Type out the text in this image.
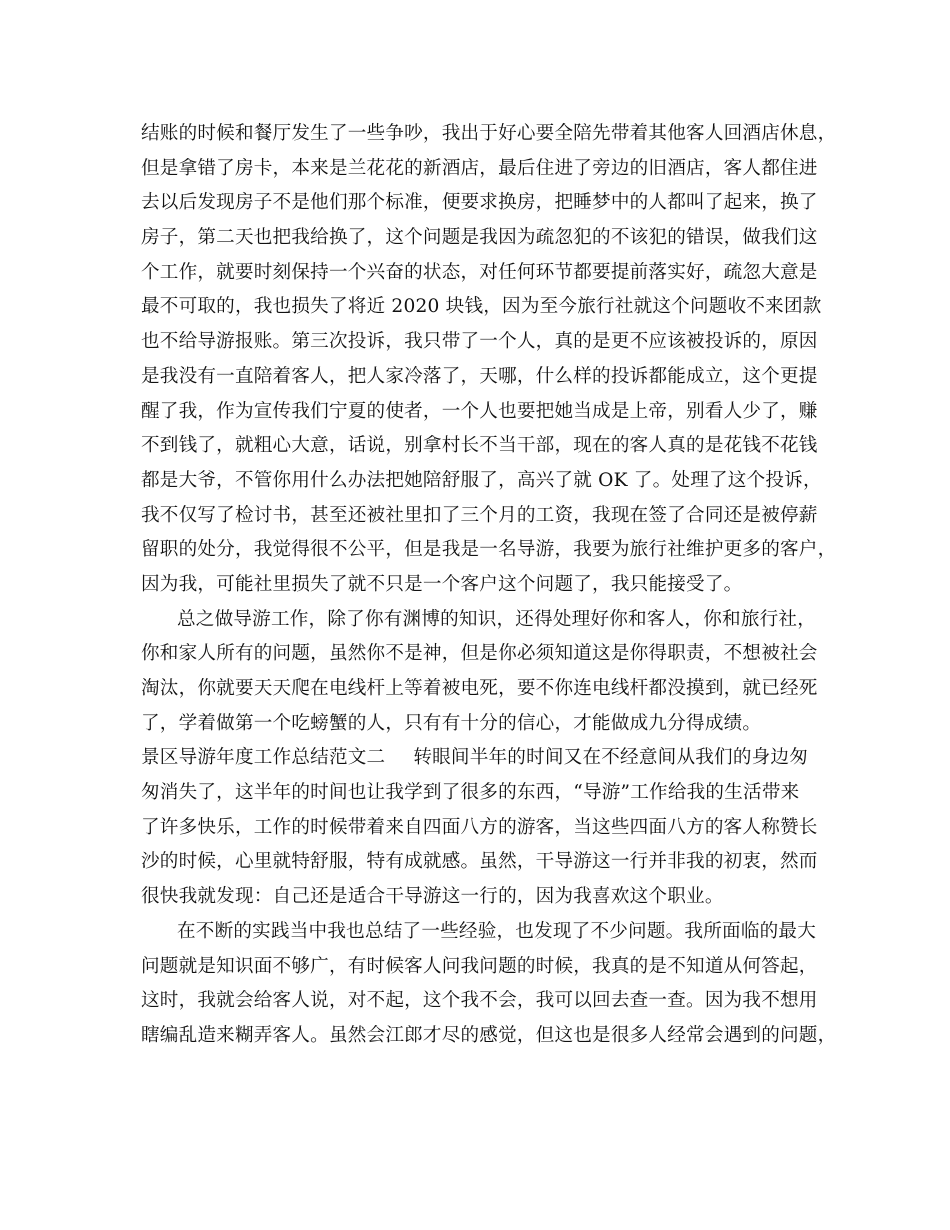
结账的时候和餐厅发生了一些争吵，我出于好心要全陪先带着其他客人回酒店休息，
但是拿错了房卡，本来是兰花花的新酒店，最后住进了旁边的旧酒店，客人都住进
去以后发现房子不是他们那个标准，便要求换房，把睡梦中的人都叫了起来，换了
房子，第二天也把我给换了，这个问题是我因为疏忽犯的不该犯的错误，做我们这
个工作，就要时刻保持一个兴奋的状态，对任何环节都要提前落实好，疏忽大意是
最不可取的，我也损失了将近 2020 块钱，因为至今旅行社就这个问题收不来团款
也不给导游报账。第三次投诉，我只带了一个人，真的是更不应该被投诉的，原因
是我没有一直陪着客人，把人家冷落了，天哪，什么样的投诉都能成立，这个更提
醒了我，作为宣传我们宁夏的使者，一个人也要把她当成是上帝，别看人少了，赚
不到钱了，就粗心大意，话说，别拿村长不当干部，现在的客人真的是花钱不花钱
都是大爷，不管你用什么办法把她陪舒服了，高兴了就 OK 了。处理了这个投诉，
我不仅写了检讨书，甚至还被社里扣了三个月的工资，我现在签了合同还是被停薪
留职的处分，我觉得很不公平，但是我是一名导游，我要为旅行社维护更多的客户，
因为我，可能社里损失了就不只是一个客户这个问题了，我只能接受了。
总之做导游工作，除了你有渊博的知识，还得处理好你和客人，你和旅行社，
你和家人所有的问题，虽然你不是神，但是你必须知道这是你得职责，不想被社会
淘汰，你就要天天爬在电线杆上等着被电死，要不你连电线杆都没摸到，就已经死
了，学着做第一个吃螃蟹的人，只有有十分的信心，才能做成九分得成绩。
景区导游年度工作总结范文二 转眼间半年的时间又在不经意间从我们的身边匆
匆消失了，这半年的时间也让我学到了很多的东西，“导游”工作给我的生活带来
了许多快乐，工作的时候带着来自四面八方的游客，当这些四面八方的客人称赞长
沙的时候，心里就特舒服，特有成就感。虽然，干导游这一行并非我的初衷，然而
很快我就发现：自己还是适合干导游这一行的，因为我喜欢这个职业。
在不断的实践当中我也总结了一些经验，也发现了不少问题。我所面临的最大
问题就是知识面不够广，有时候客人问我问题的时候，我真的是不知道从何答起，
这时，我就会给客人说，对不起，这个我不会，我可以回去查一查。因为我不想用
瞎编乱造来糊弄客人。虽然会江郎才尽的感觉，但这也是很多人经常会遇到的问题，
